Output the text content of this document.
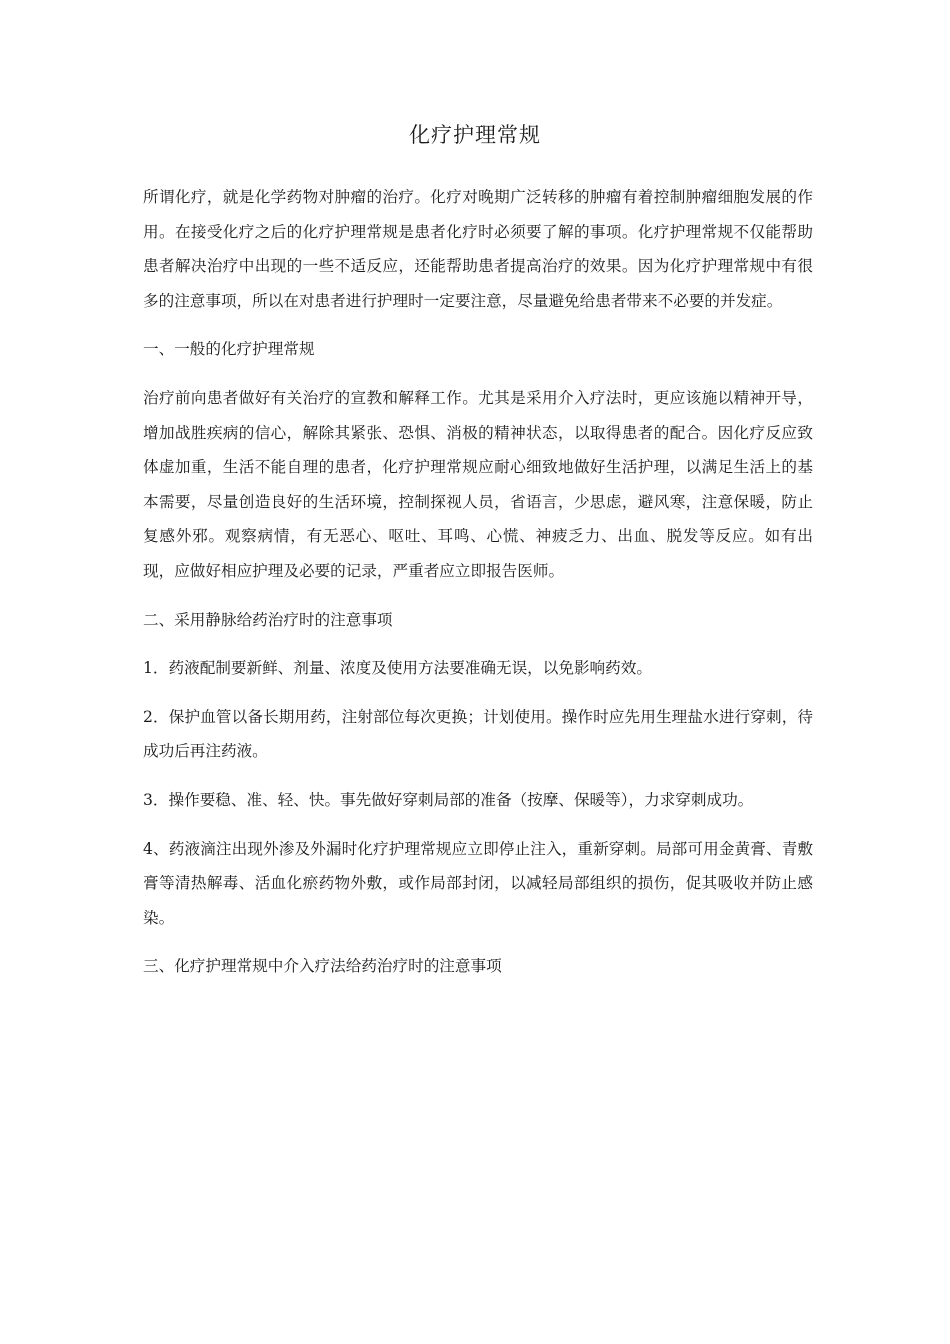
化疗护理常规

所谓化疗，就是化学药物对肿瘤的治疗。化疗对晚期广泛转移的肿瘤有着控制肿瘤细胞发展的作用。在接受化疗之后的化疗护理常规是患者化疗时必须要了解的事项。化疗护理常规不仅能帮助患者解决治疗中出现的一些不适反应，还能帮助患者提高治疗的效果。因为化疗护理常规中有很多的注意事项，所以在对患者进行护理时一定要注意，尽量避免给患者带来不必要的并发症。

一、一般的化疗护理常规

治疗前向患者做好有关治疗的宣教和解释工作。尤其是采用介入疗法时，更应该施以精神开导，增加战胜疾病的信心，解除其紧张、恐惧、消极的精神状态，以取得患者的配合。因化疗反应致体虚加重，生活不能自理的患者，化疗护理常规应耐心细致地做好生活护理，以满足生活上的基本需要，尽量创造良好的生活环境，控制探视人员，省语言，少思虑，避风寒，注意保暖，防止复感外邪。观察病情，有无恶心、呕吐、耳鸣、心慌、神疲乏力、出血、脱发等反应。如有出现，应做好相应护理及必要的记录，严重者应立即报告医师。

二、采用静脉给药治疗时的注意事项

1．药液配制要新鲜、剂量、浓度及使用方法要准确无误，以免影响药效。

2．保护血管以备长期用药，注射部位每次更换；计划使用。操作时应先用生理盐水进行穿刺，待成功后再注药液。

3．操作要稳、准、轻、快。事先做好穿刺局部的准备（按摩、保暖等），力求穿刺成功。

4、药液滴注出现外渗及外漏时化疗护理常规应立即停止注入，重新穿刺。局部可用金黄膏、青敷膏等清热解毒、活血化瘀药物外敷，或作局部封闭，以减轻局部组织的损伤，促其吸收并防止感染。

三、化疗护理常规中介入疗法给药治疗时的注意事项
